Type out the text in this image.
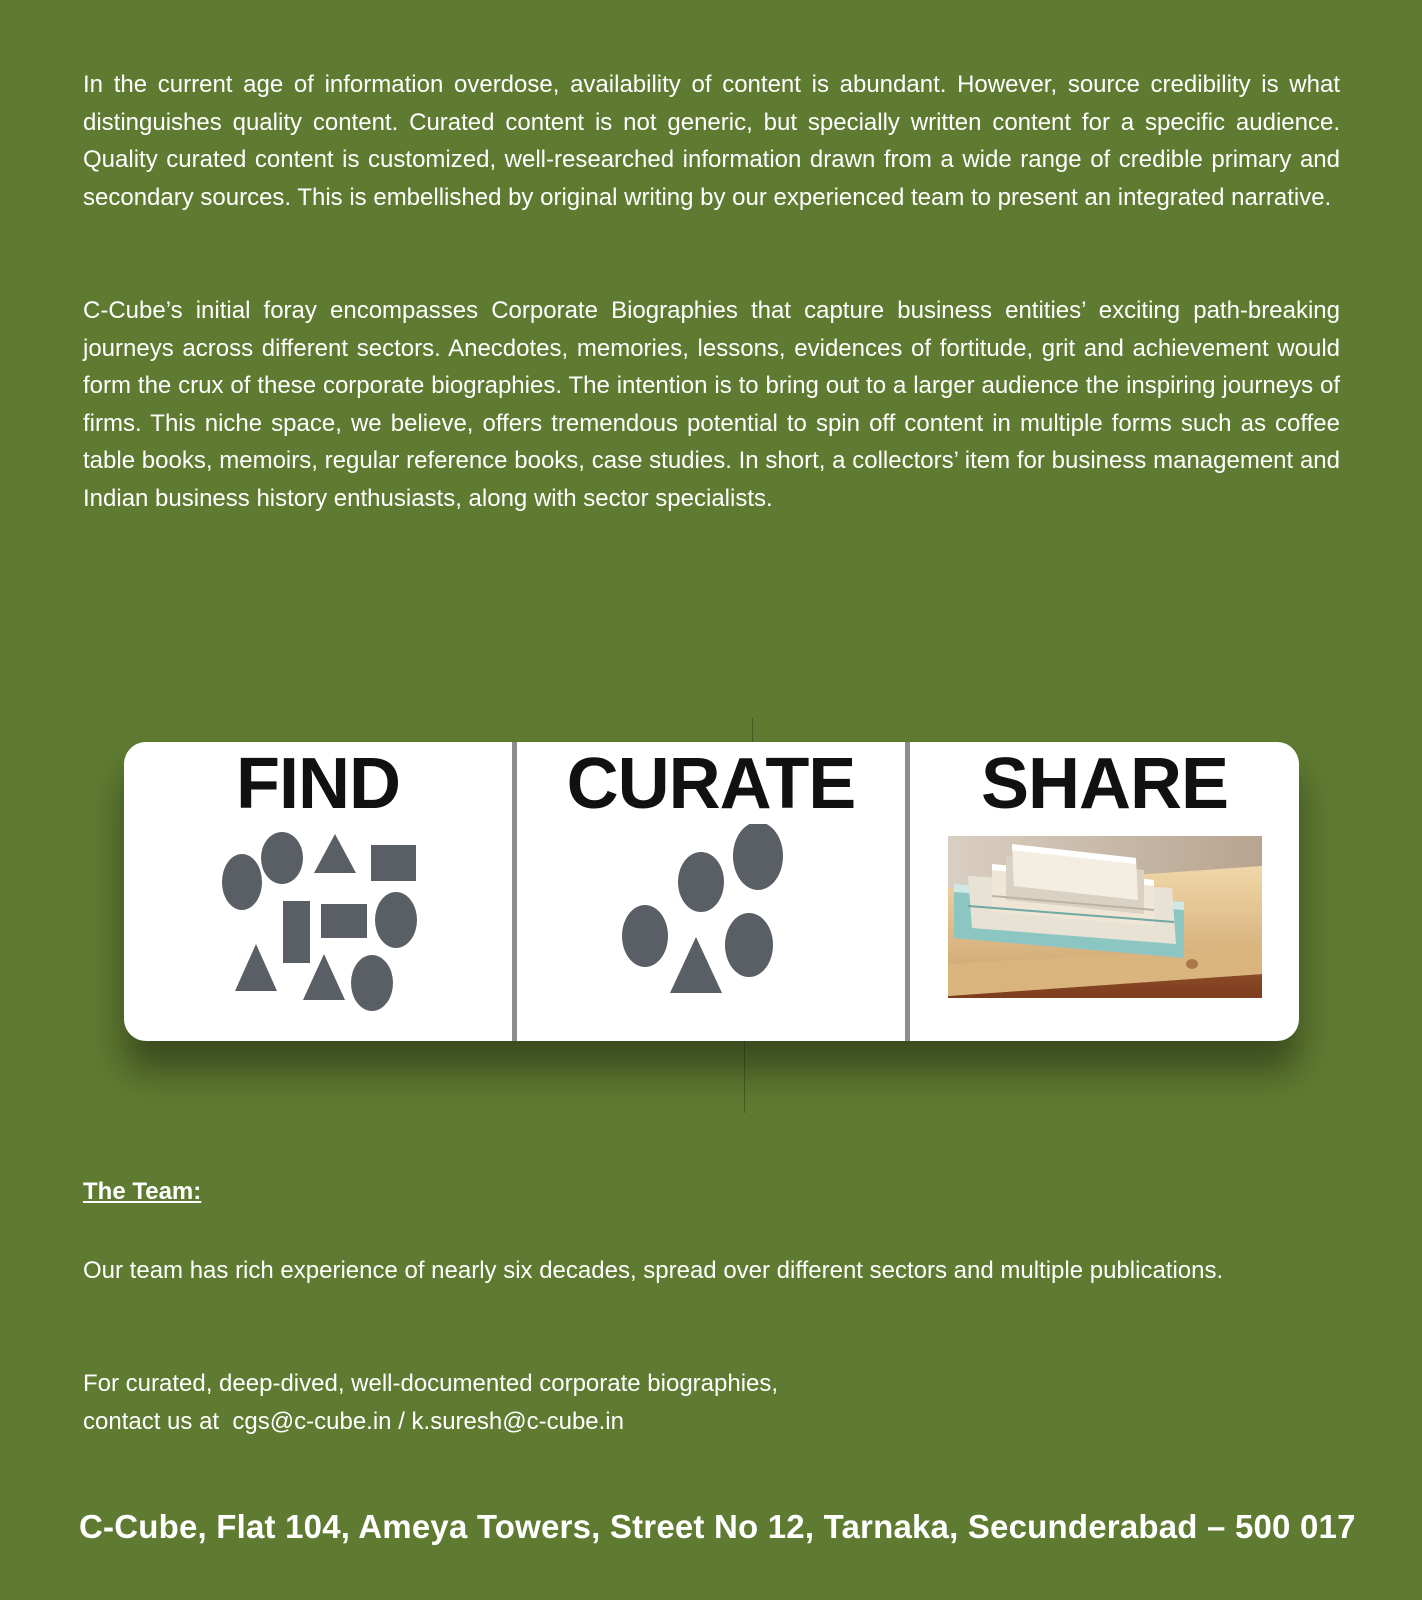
In the current age of information overdose, availability of content is abundant. However, source credibility is what distinguishes quality content. Curated content is not generic, but specially written content for a specific audience. Quality curated content is customized, well-researched information drawn from a wide range of credible primary and secondary sources. This is embellished by original writing by our experienced team to present an integrated narrative.

C-Cube’s initial foray encompasses Corporate Biographies that capture business entities’ exciting path-breaking journeys across different sectors. Anecdotes, memories, lessons, evidences of fortitude, grit and achievement would form the crux of these corporate biographies. The intention is to bring out to a larger audience the inspiring journeys of firms. This niche space, we believe, offers tremendous potential to spin off content in multiple forms such as coffee table books, memoirs, regular reference books, case studies. In short, a collectors’ item for business management and Indian business history enthusiasts, along with sector specialists.

FIND CURATE SHARE
The Team:

Our team has rich experience of nearly six decades, spread over different sectors and multiple publications.

For curated, deep-dived, well-documented corporate biographies,
contact us at cgs@c-cube.in / k.suresh@c-cube.in

C-Cube, Flat 104, Ameya Towers, Street No 12, Tarnaka, Secunderabad – 500 017
